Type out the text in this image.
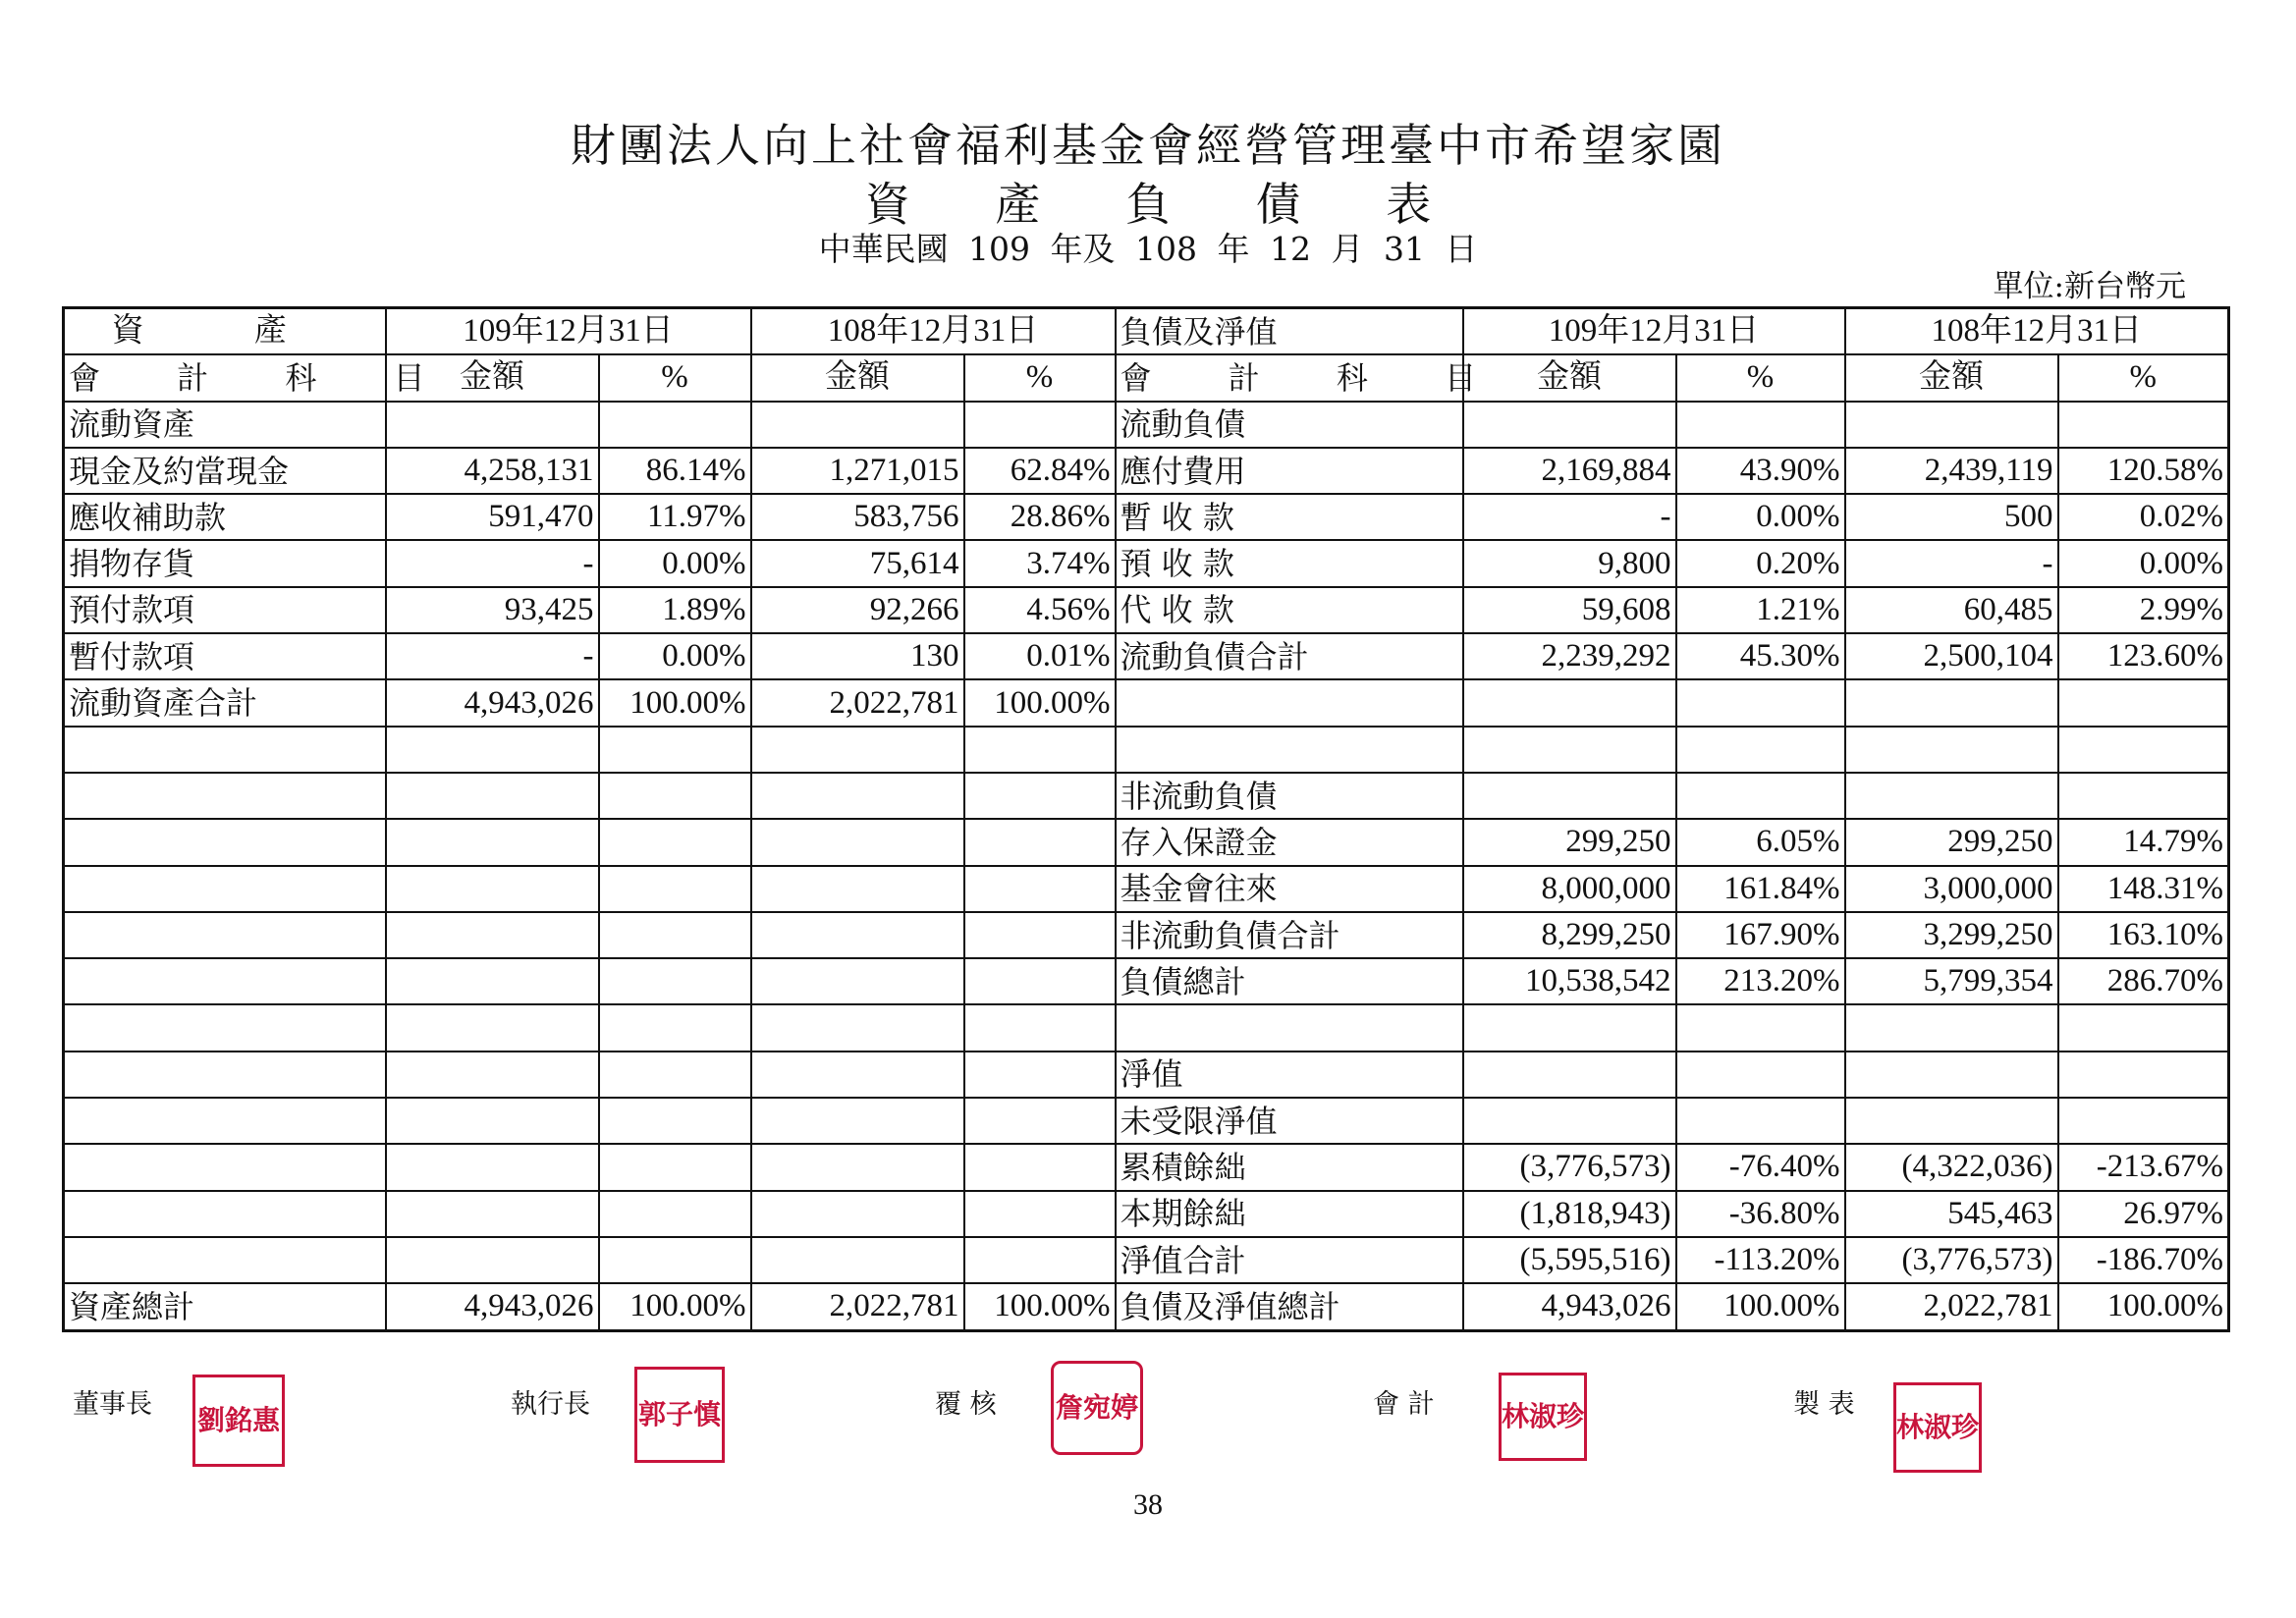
財團法人向上社會福利基金會經營管理臺中市希望家園
資 產 負 債 表
中華民國 109 年及 108 年 12 月 31 日
單位:新台幣元
資 產	109年12月31日		108年12月31日		負債及淨值	109年12月31日		108年12月31日	
會 計 科 目	金額	%	金額	%	會 計 科 目	金額	%	金額	%
流動資產					流動負債				
現金及約當現金	4,258,131	86.14%	1,271,015	62.84%	應付費用	2,169,884	43.90%	2,439,119	120.58%
應收補助款	591,470	11.97%	583,756	28.86%	暫 收 款	-	0.00%	500	0.02%
捐物存貨	-	0.00%	75,614	3.74%	預 收 款	9,800	0.20%	-	0.00%
預付款項	93,425	1.89%	92,266	4.56%	代 收 款	59,608	1.21%	60,485	2.99%
暫付款項	-	0.00%	130	0.01%	流動負債合計	2,239,292	45.30%	2,500,104	123.60%
流動資產合計	4,943,026	100.00%	2,022,781	100.00%					

					非流動負債				
					存入保證金	299,250	6.05%	299,250	14.79%
					基金會往來	8,000,000	161.84%	3,000,000	148.31%
					非流動負債合計	8,299,250	167.90%	3,299,250	163.10%
					負債總計	10,538,542	213.20%	5,799,354	286.70%

					淨值				
					未受限淨值				
					累積餘絀	(3,776,573)	-76.40%	(4,322,036)	-213.67%
					本期餘絀	(1,818,943)	-36.80%	545,463	26.97%
					淨值合計	(5,595,516)	-113.20%	(3,776,573)	-186.70%
資產總計	4,943,026	100.00%	2,022,781	100.00%	負債及淨值總計	4,943,026	100.00%	2,022,781	100.00%
董事長 劉銘惠	執行長 郭子慎	覆 核 詹宛婷	會 計 林淑珍	製 表
林淑珍
38
